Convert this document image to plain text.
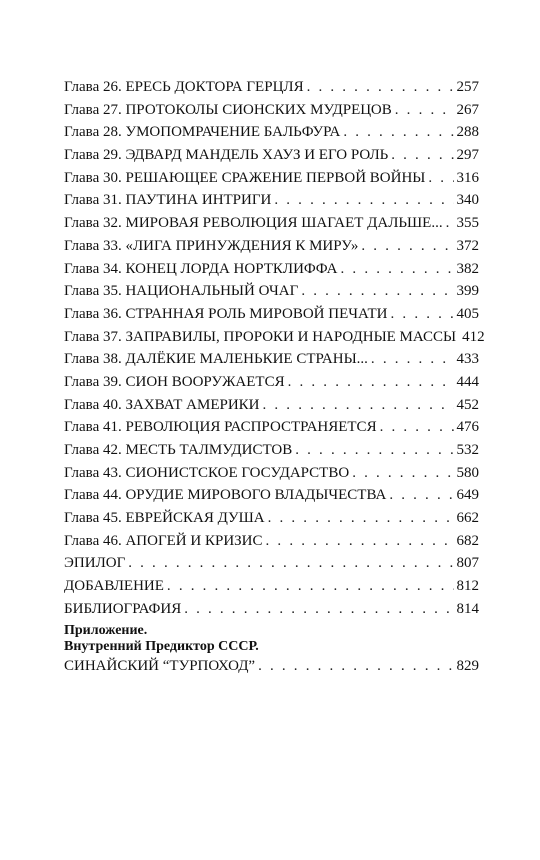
Глава 26. ЕРЕСЬ ДОКТОРА ГЕРЦЛЯ . . .	257
Глава 27. ПРОТОКОЛЫ СИОНСКИХ МУДРЕЦОВ . . .	267
Глава 28. УМОПОМРАЧЕНИЕ БАЛЬФУРА . . .	288
Глава 29. ЭДВАРД МАНДЕЛЬ ХАУЗ И ЕГО РОЛЬ . . .	297
Глава 30. РЕШАЮЩЕЕ СРАЖЕНИЕ ПЕРВОЙ ВОЙНЫ . . . 316
Глава 31. ПАУТИНА ИНТРИГИ . . .	340
Глава 32. МИРОВАЯ РЕВОЛЮЦИЯ ШАГАЕТ ДАЛЬШЕ... . . . 355
Глава 33. «ЛИГА ПРИНУЖДЕНИЯ К МИРУ» . . .	372
Глава 34. КОНЕЦ ЛОРДА НОРТКЛИФФА . . .	382
Глава 35. НАЦИОНАЛЬНЫЙ ОЧАГ . . .	399
Глава 36. СТРАННАЯ РОЛЬ МИРОВОЙ ПЕЧАТИ . . .	405
Глава 37. ЗАПРАВИЛЫ, ПРОРОКИ И НАРОДНЫЕ МАССЫ 412
Глава 38. ДАЛЁКИЕ МАЛЕНЬКИЕ СТРАНЫ... . . .	433
Глава 39. СИОН ВООРУЖАЕТСЯ . . .	444
Глава 40. ЗАХВАТ АМЕРИКИ . . .	452
Глава 41. РЕВОЛЮЦИЯ РАСПРОСТРАНЯЕТСЯ . . .	476
Глава 42. МЕСТЬ ТАЛМУДИСТОВ . . .	532
Глава 43. СИОНИСТСКОЕ ГОСУДАРСТВО . . .	580
Глава 44. ОРУДИЕ МИРОВОГО ВЛАДЫЧЕСТВА . . .	649
Глава 45. ЕВРЕЙСКАЯ ДУША . . .	662
Глава 46. АПОГЕЙ И КРИЗИС . . .	682
ЭПИЛОГ . . .	807
ДОБАВЛЕНИЕ . . .	812
БИБЛИОГРАФИЯ . . .	814
Приложение.
Внутренний Предиктор СССР.
СИНАЙСКИЙ “ТУРПОХОД” . . .	829
